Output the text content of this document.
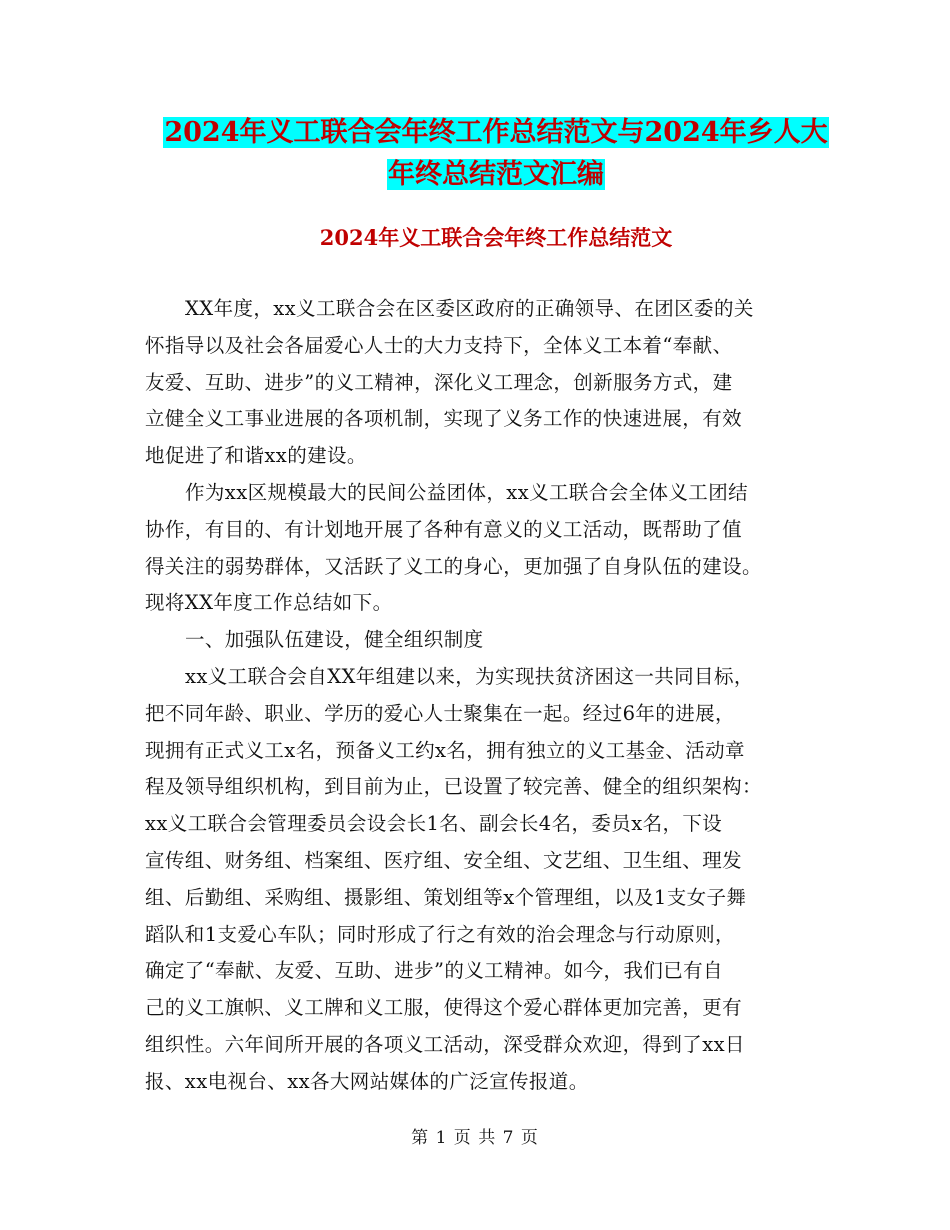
2024年义工联合会年终工作总结范文与2024年乡人大
年终总结范文汇编
2024年义工联合会年终工作总结范文
XX年度，xx义工联合会在区委区政府的正确领导、在团区委的关
怀指导以及社会各届爱心人士的大力支持下，全体义工本着“奉献、
友爱、互助、进步”的义工精神，深化义工理念，创新服务方式，建
立健全义工事业进展的各项机制，实现了义务工作的快速进展，有效
地促进了和谐xx的建设。
作为xx区规模最大的民间公益团体，xx义工联合会全体义工团结
协作，有目的、有计划地开展了各种有意义的义工活动，既帮助了值
得关注的弱势群体，又活跃了义工的身心，更加强了自身队伍的建设。
现将XX年度工作总结如下。
一、加强队伍建设，健全组织制度
xx义工联合会自XX年组建以来，为实现扶贫济困这一共同目标，
把不同年龄、职业、学历的爱心人士聚集在一起。经过6年的进展，
现拥有正式义工x名，预备义工约x名，拥有独立的义工基金、活动章
程及领导组织机构，到目前为止，已设置了较完善、健全的组织架构：
xx义工联合会管理委员会设会长1名、副会长4名，委员x名，下设
宣传组、财务组、档案组、医疗组、安全组、文艺组、卫生组、理发
组、后勤组、采购组、摄影组、策划组等x个管理组，以及1支女子舞
蹈队和1支爱心车队；同时形成了行之有效的治会理念与行动原则，
确定了“奉献、友爱、互助、进步”的义工精神。如今，我们已有自
己的义工旗帜、义工牌和义工服，使得这个爱心群体更加完善，更有
组织性。六年间所开展的各项义工活动，深受群众欢迎，得到了xx日
报、xx电视台、xx各大网站媒体的广泛宣传报道。
第 1 页 共 7 页
